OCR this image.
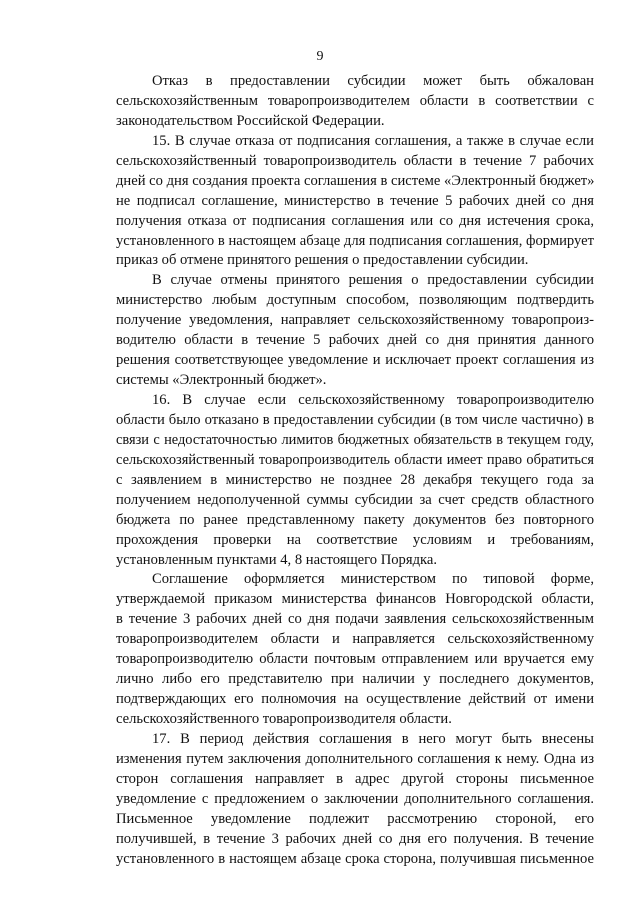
9
Отказ в предоставлении субсидии может быть обжалован
сельскохозяйственным товаропроизводителем области в соответствии с
законодательством Российской Федерации.
15. В случае отказа от подписания соглашения, а также в случае если
сельскохозяйственный товаропроизводитель области в течение 7 рабочих
дней со дня создания проекта соглашения в системе «Электронный бюджет»
не подписал соглашение, министерство в течение 5 рабочих дней со дня
получения отказа от подписания соглашения или со дня истечения срока,
установленного в настоящем абзаце для подписания соглашения, формирует
приказ об отмене принятого решения о предоставлении субсидии.
В случае отмены принятого решения о предоставлении субсидии
министерство любым доступным способом, позволяющим подтвердить
получение уведомления, направляет сельскохозяйственному товаропроиз-
водителю области в течение 5 рабочих дней со дня принятия данного
решения соответствующее уведомление и исключает проект соглашения из
системы «Электронный бюджет».
16. В случае если сельскохозяйственному товаропроизводителю
области было отказано в предоставлении субсидии (в том числе частично) в
связи с недостаточностью лимитов бюджетных обязательств в текущем году,
сельскохозяйственный товаропроизводитель области имеет право обратиться
с заявлением в министерство не позднее 28 декабря текущего года за
получением недополученной суммы субсидии за счет средств областного
бюджета по ранее представленному пакету документов без повторного
прохождения проверки на соответствие условиям и требованиям,
установленным пунктами 4, 8 настоящего Порядка.
Соглашение оформляется министерством по типовой форме,
утверждаемой приказом министерства финансов Новгородской области,
в течение 3 рабочих дней со дня подачи заявления сельскохозяйственным
товаропроизводителем области и направляется сельскохозяйственному
товаропроизводителю области почтовым отправлением или вручается ему
лично либо его представителю при наличии у последнего документов,
подтверждающих его полномочия на осуществление действий от имени
сельскохозяйственного товаропроизводителя области.
17. В период действия соглашения в него могут быть внесены
изменения путем заключения дополнительного соглашения к нему. Одна из
сторон соглашения направляет в адрес другой стороны письменное
уведомление с предложением о заключении дополнительного соглашения.
Письменное уведомление подлежит рассмотрению стороной, его
получившей, в течение 3 рабочих дней со дня его получения. В течение
установленного в настоящем абзаце срока сторона, получившая письменное
